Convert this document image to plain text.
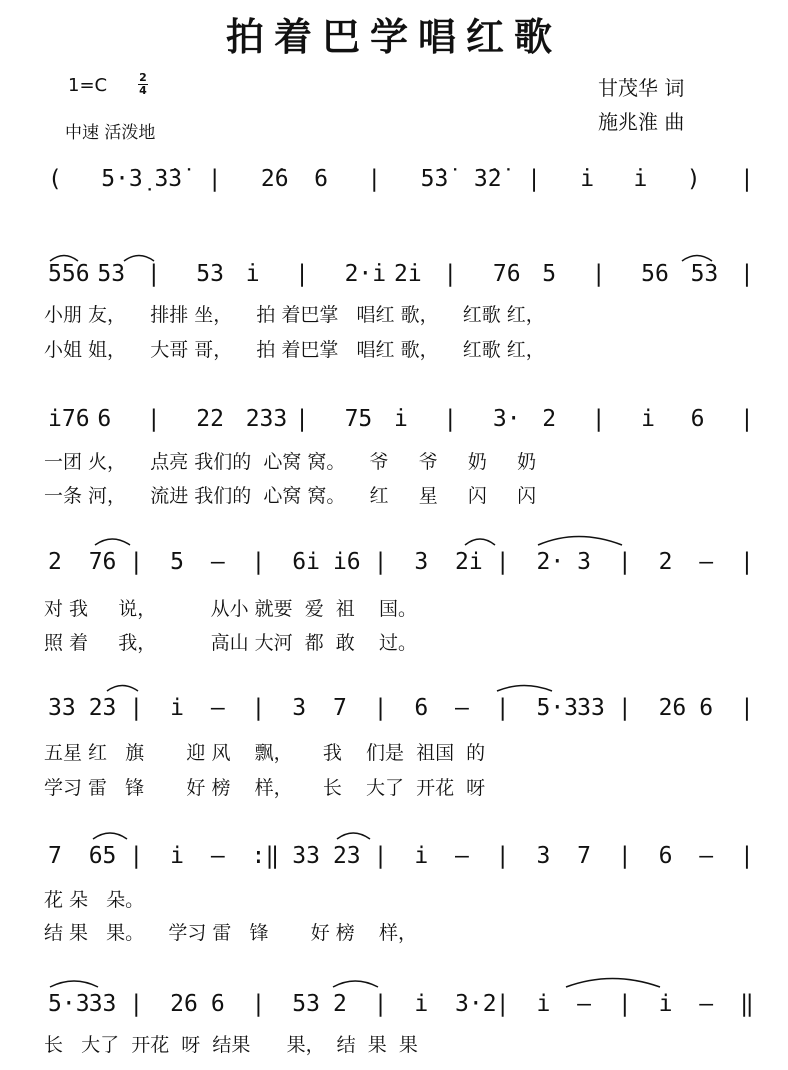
拍着巴学唱红歌
1=C	2
4
中速 活泼地
甘茂华 词
施兆淮 曲
( 5·3̣ 3̇3̇ | 2̇6 6 | 5̇3̇ 3̇2̇ | i̇ i̇ ) |
556 53 | 53 i̇ | 2·i̇ 2i̇ | 76 5 | 56 53 |
小朋 友，    排排 坐，    拍 着巴掌   唱红 歌，    红歌 红，
小姐 姐，    大哥 哥，    拍 着巴掌   唱红 歌，    红歌 红，
i76 6 | 22 233 | 75 i̇ | 3· 2 | i 6 |
一团 火，    点亮 我们的  心窝 窝。    爷     爷     奶     奶
一条 河，    流进 我们的  心窝 窝。    红     星     闪     闪
2 76 | 5 — | 6i i6 | 3 2i | 2· 3 | 2 — |
对 我     说，         从小 就要  爱  祖    国。
照 着     我，         高山 大河  都  敢    过。
33 23 | i — | 3 7 | 6 — | 5·3 33 | 26 6 |
五星 红   旗       迎 风    飘，     我    们是  祖国  的
学习 雷   锋       好 榜    样，     长    大了  开花  呀
7 65 | i — :‖ 33 23 | i — | 3 7 | 6 — |
花 朵   朵。
结 果   果。    学习 雷   锋       好 榜    样，
5·3 33 | 26 6 | 53 2 | i 3·2 | i — | i — ‖
长   大了  开花  呀  结果      果，  结  果  果
